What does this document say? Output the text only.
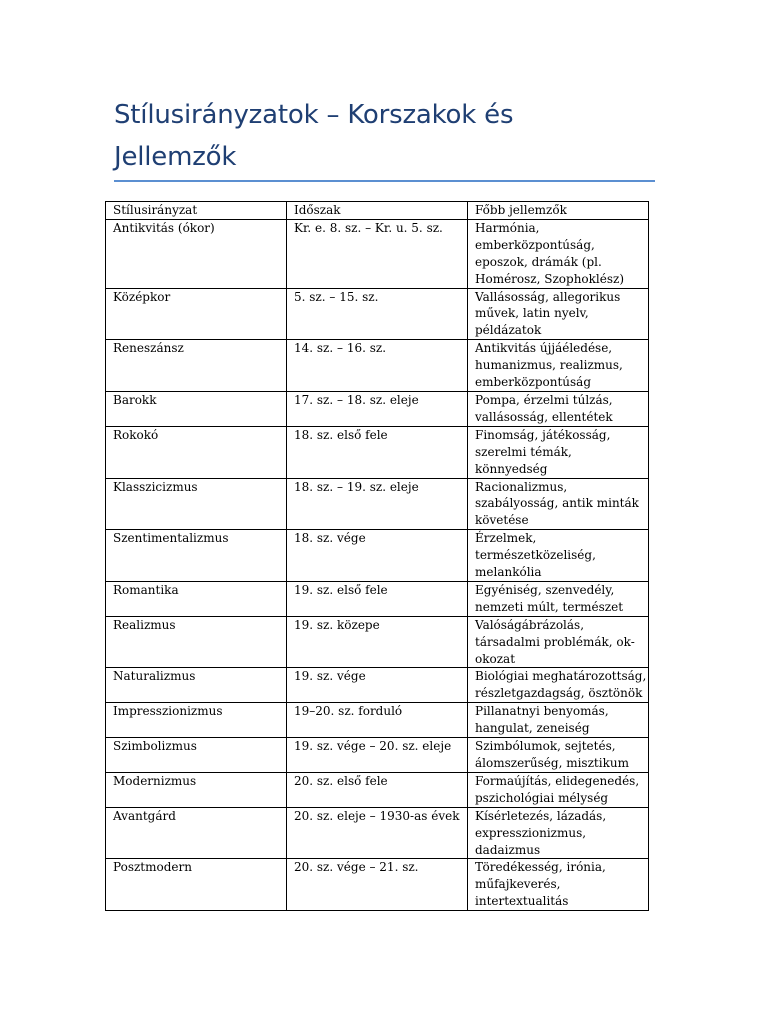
Stílusirányzatok – Korszakok és
Jellemzők
Stílusirányzat	Időszak	Főbb jellemzők
Antikvitás (ókor)	Kr. e. 8. sz. – Kr. u. 5. sz.	Harmónia,
emberközpontúság,
eposzok, drámák (pl.
Homérosz, Szophoklész)
Középkor	5. sz. – 15. sz.	Vallásosság, allegorikus
művek, latin nyelv,
példázatok
Reneszánsz	14. sz. – 16. sz.	Antikvitás újjáéledése,
humanizmus, realizmus,
emberközpontúság
Barokk	17. sz. – 18. sz. eleje	Pompa, érzelmi túlzás,
vallásosság, ellentétek
Rokokó	18. sz. első fele	Finomság, játékosság,
szerelmi témák, könnyedség
Klasszicizmus	18. sz. – 19. sz. eleje	Racionalizmus,
szabályosság, antik minták
követése
Szentimentalizmus	18. sz. vége	Érzelmek,
természetközeliség,
melankólia
Romantika	19. sz. első fele	Egyéniség, szenvedély,
nemzeti múlt, természet
Realizmus	19. sz. közepe	Valóságábrázolás,
társadalmi problémák, ok-
okozat
Naturalizmus	19. sz. vége	Biológiai meghatározottság,
részletgazdagság, ösztönök
Impresszionizmus	19–20. sz. forduló	Pillanatnyi benyomás,
hangulat, zeneiség
Szimbolizmus	19. sz. vége – 20. sz. eleje	Szimbólumok, sejtetés,
álomszerűség, misztikum
Modernizmus	20. sz. első fele	Formaújítás, elidegenedés,
pszichológiai mélység
Avantgárd	20. sz. eleje – 1930-as évek	Kísérletezés, lázadás,
expresszionizmus,
dadaizmus
Posztmodern	20. sz. vége – 21. sz.	Töredékesség, irónia,
műfajkeverés,
intertextualitás
